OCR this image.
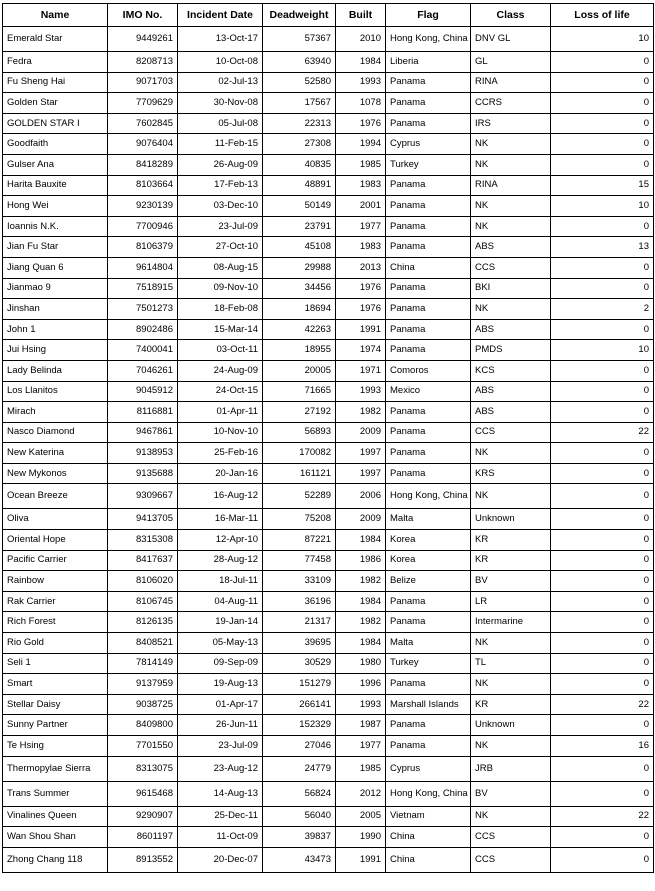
Name	IMO No.	Incident Date	Deadweight	Built	Flag	Class	Loss of life
Emerald Star	9449261	13-Oct-17	57367	2010	Hong Kong, China	DNV GL	10
Fedra	8208713	10-Oct-08	63940	1984	Liberia	GL	0
Fu Sheng Hai	9071703	02-Jul-13	52580	1993	Panama	RINA	0
Golden Star	7709629	30-Nov-08	17567	1078	Panama	CCRS	0
GOLDEN STAR I	7602845	05-Jul-08	22313	1976	Panama	IRS	0
Goodfaith	9076404	11-Feb-15	27308	1994	Cyprus	NK	0
Gulser Ana	8418289	26-Aug-09	40835	1985	Turkey	NK	0
Harita Bauxite	8103664	17-Feb-13	48891	1983	Panama	RINA	15
Hong Wei	9230139	03-Dec-10	50149	2001	Panama	NK	10
Ioannis N.K.	7700946	23-Jul-09	23791	1977	Panama	NK	0
Jian Fu Star	8106379	27-Oct-10	45108	1983	Panama	ABS	13
Jiang Quan 6	9614804	08-Aug-15	29988	2013	China	CCS	0
Jianmao 9	7518915	09-Nov-10	34456	1976	Panama	BKI	0
Jinshan	7501273	18-Feb-08	18694	1976	Panama	NK	2
John 1	8902486	15-Mar-14	42263	1991	Panama	ABS	0
Jui Hsing	7400041	03-Oct-11	18955	1974	Panama	PMDS	10
Lady Belinda	7046261	24-Aug-09	20005	1971	Comoros	KCS	0
Los Llanitos	9045912	24-Oct-15	71665	1993	Mexico	ABS	0
Mirach	8116881	01-Apr-11	27192	1982	Panama	ABS	0
Nasco Diamond	9467861	10-Nov-10	56893	2009	Panama	CCS	22
New Katerina	9138953	25-Feb-16	170082	1997	Panama	NK	0
New Mykonos	9135688	20-Jan-16	161121	1997	Panama	KRS	0
Ocean Breeze	9309667	16-Aug-12	52289	2006	Hong Kong, China	NK	0
Oliva	9413705	16-Mar-11	75208	2009	Malta	Unknown	0
Oriental Hope	8315308	12-Apr-10	87221	1984	Korea	KR	0
Pacific Carrier	8417637	28-Aug-12	77458	1986	Korea	KR	0
Rainbow	8106020	18-Jul-11	33109	1982	Belize	BV	0
Rak Carrier	8106745	04-Aug-11	36196	1984	Panama	LR	0
Rich Forest	8126135	19-Jan-14	21317	1982	Panama	Intermarine	0
Rio Gold	8408521	05-May-13	39695	1984	Malta	NK	0
Seli 1	7814149	09-Sep-09	30529	1980	Turkey	TL	0
Smart	9137959	19-Aug-13	151279	1996	Panama	NK	0
Stellar Daisy	9038725	01-Apr-17	266141	1993	Marshall Islands	KR	22
Sunny Partner	8409800	26-Jun-11	152329	1987	Panama	Unknown	0
Te Hsing	7701550	23-Jul-09	27046	1977	Panama	NK	16
Thermopylae Sierra	8313075	23-Aug-12	24779	1985	Cyprus	JRB	0
Trans Summer	9615468	14-Aug-13	56824	2012	Hong Kong, China	BV	0
Vinalines Queen	9290907	25-Dec-11	56040	2005	Vietnam	NK	22
Wan Shou Shan	8601197	11-Oct-09	39837	1990	China	CCS	0
Zhong Chang 118	8913552	20-Dec-07	43473	1991	China	CCS	0
